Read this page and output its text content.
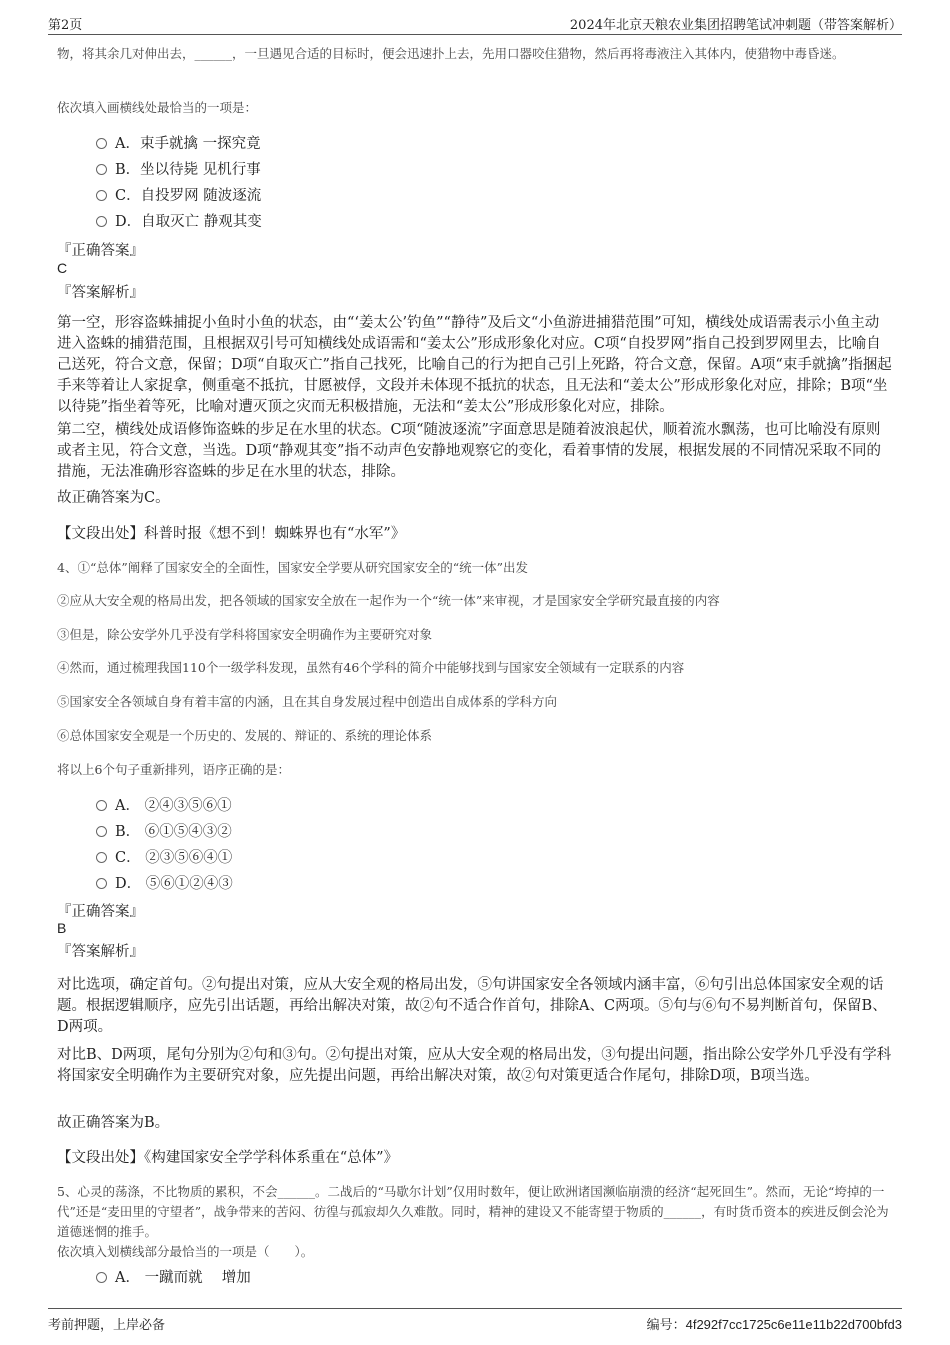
第2页	2024年北京天粮农业集团招聘笔试冲刺题（带答案解析）
物，将其余几对伸出去，______，一旦遇见合适的目标时，便会迅速扑上去，先用口器咬住猎物，然后再将毒液注入其体内，使猎物中毒昏迷。
依次填入画横线处最恰当的一项是：
A．束手就擒 一探究竟
B．坐以待毙 见机行事
C．自投罗网 随波逐流
D．自取灭亡 静观其变
『正确答案』
C
『答案解析』
第一空，形容盗蛛捕捉小鱼时小鱼的状态，由“‘姜太公’钓鱼”“静待”及后文“小鱼游进捕猎范围”可知，横线处成语需表示小鱼主动进入盗蛛的捕猎范围，且根据双引号可知横线处成语需和“姜太公”形成形象化对应。C项“自投罗网”指自己投到罗网里去，比喻自己送死，符合文意，保留；D项“自取灭亡”指自己找死，比喻自己的行为把自己引上死路，符合文意，保留。A项“束手就擒”指捆起手来等着让人家捉拿，侧重毫不抵抗，甘愿被俘，文段并未体现不抵抗的状态，且无法和“姜太公”形成形象化对应，排除；B项“坐以待毙”指坐着等死，比喻对遭灭顶之灾而无积极措施，无法和“姜太公”形成形象化对应，排除。
第二空，横线处成语修饰盗蛛的步足在水里的状态。C项“随波逐流”字面意思是随着波浪起伏，顺着流水飘荡，也可比喻没有原则或者主见，符合文意，当选。D项“静观其变”指不动声色安静地观察它的变化，看着事情的发展，根据发展的不同情况采取不同的措施，无法准确形容盗蛛的步足在水里的状态，排除。
故正确答案为C。
【文段出处】科普时报《想不到！蜘蛛界也有“水军”》
4、①“总体”阐释了国家安全的全面性，国家安全学要从研究国家安全的“统一体”出发
②应从大安全观的格局出发，把各领域的国家安全放在一起作为一个“统一体”来审视，才是国家安全学研究最直接的内容
③但是，除公安学外几乎没有学科将国家安全明确作为主要研究对象
④然而，通过梳理我国110个一级学科发现，虽然有46个学科的简介中能够找到与国家安全领域有一定联系的内容
⑤国家安全各领域自身有着丰富的内涵，且在其自身发展过程中创造出自成体系的学科方向
⑥总体国家安全观是一个历史的、发展的、辩证的、系统的理论体系
将以上6个句子重新排列，语序正确的是：
A． ②④③⑤⑥①
B． ⑥①⑤④③②
C． ②③⑤⑥④①
D． ⑤⑥①②④③
『正确答案』
B
『答案解析』
对比选项，确定首句。②句提出对策，应从大安全观的格局出发，⑤句讲国家安全各领域内涵丰富，⑥句引出总体国家安全观的话题。根据逻辑顺序，应先引出话题，再给出解决对策，故②句不适合作首句，排除A、C两项。⑤句与⑥句不易判断首句，保留B、D两项。
对比B、D两项，尾句分别为②句和③句。②句提出对策，应从大安全观的格局出发，③句提出问题，指出除公安学外几乎没有学科将国家安全明确作为主要研究对象，应先提出问题，再给出解决对策，故②句对策更适合作尾句，排除D项，B项当选。
故正确答案为B。
【文段出处】《构建国家安全学学科体系重在“总体”》
5、心灵的荡涤，不比物质的累积，不会______。二战后的“马歇尔计划”仅用时数年，便让欧洲诸国濒临崩溃的经济“起死回生”。然而，无论“垮掉的一代”还是“麦田里的守望者”，战争带来的苦闷、彷徨与孤寂却久久难散。同时，精神的建设又不能寄望于物质的______，有时货币资本的疾进反倒会沦为道德迷惘的推手。
依次填入划横线部分最恰当的一项是（　　）。
A． 一蹴而就　 增加
考前押题，上岸必备	编号：4f292f7cc1725c6e11e11b22d700bfd3
